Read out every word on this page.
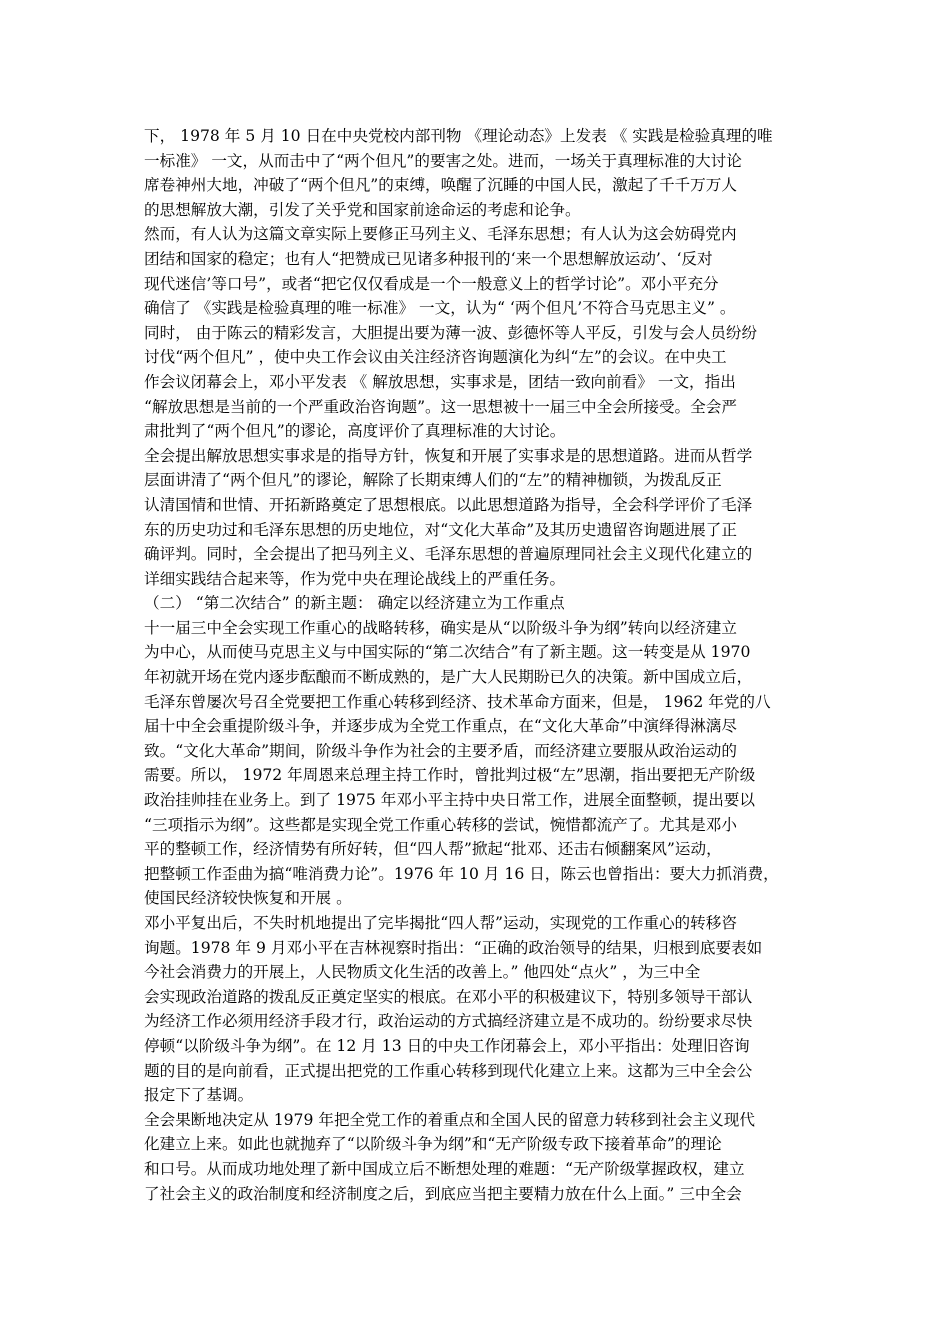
下， 1978 年 5 月 10 日在中央党校内部刊物 《理论动态》上发表 《 实践是检验真理的唯
一标准》 一文，从而击中了“两个但凡”的要害之处。进而，一场关于真理标准的大讨论
席卷神州大地，冲破了“两个但凡”的束缚，唤醒了沉睡的中国人民，激起了千千万万人
的思想解放大潮，引发了关乎党和国家前途命运的考虑和论争。
然而，有人认为这篇文章实际上要修正马列主义、毛泽东思想；有人认为这会妨碍党内
团结和国家的稳定；也有人“把赞成已见诸多种报刊的‘来一个思想解放运动’、‘反对
现代迷信’等口号”，或者“把它仅仅看成是一个一般意义上的哲学讨论”。邓小平充分
确信了 《实践是检验真理的唯一标准》 一文，认为“ ‘两个但凡’不符合马克思主义” 。
同时， 由于陈云的精彩发言，大胆提出要为薄一波、彭德怀等人平反，引发与会人员纷纷
讨伐“两个但凡” ，使中央工作会议由关注经济咨询题演化为纠“左”的会议。在中央工
作会议闭幕会上，邓小平发表 《 解放思想，实事求是，团结一致向前看》 一文，指出
“解放思想是当前的一个严重政治咨询题”。这一思想被十一届三中全会所接受。全会严
肃批判了“两个但凡”的谬论，高度评价了真理标准的大讨论。
全会提出解放思想实事求是的指导方针，恢复和开展了实事求是的思想道路。进而从哲学
层面讲清了“两个但凡”的谬论，解除了长期束缚人们的“左”的精神枷锁，为拨乱反正
认清国情和世情、开拓新路奠定了思想根底。以此思想道路为指导，全会科学评价了毛泽
东的历史功过和毛泽东思想的历史地位，对“文化大革命”及其历史遗留咨询题进展了正
确评判。同时，全会提出了把马列主义、毛泽东思想的普遍原理同社会主义现代化建立的
详细实践结合起来等，作为党中央在理论战线上的严重任务。
（二） “第二次结合” 的新主题： 确定以经济建立为工作重点
十一届三中全会实现工作重心的战略转移，确实是从“以阶级斗争为纲”转向以经济建立
为中心，从而使马克思主义与中国实际的“第二次结合”有了新主题。这一转变是从 1970
年初就开场在党内逐步酝酿而不断成熟的，是广大人民期盼已久的决策。新中国成立后，
毛泽东曾屡次号召全党要把工作重心转移到经济、技术革命方面来，但是， 1962 年党的八
届十中全会重提阶级斗争，并逐步成为全党工作重点，在“文化大革命”中演绎得淋漓尽
致。“文化大革命”期间，阶级斗争作为社会的主要矛盾，而经济建立要服从政治运动的
需要。所以， 1972 年周恩来总理主持工作时，曾批判过极“左”思潮，指出要把无产阶级
政治挂帅挂在业务上。到了 1975 年邓小平主持中央日常工作，进展全面整顿，提出要以
“三项指示为纲”。这些都是实现全党工作重心转移的尝试，惋惜都流产了。尤其是邓小
平的整顿工作，经济情势有所好转，但“四人帮”掀起“批邓、还击右倾翻案风”运动，
把整顿工作歪曲为搞“唯消费力论”。1976 年 10 月 16 日，陈云也曾指出：要大力抓消费，
使国民经济较快恢复和开展 。
邓小平复出后，不失时机地提出了完毕揭批“四人帮”运动，实现党的工作重心的转移咨
询题。1978 年 9 月邓小平在吉林视察时指出：“正确的政治领导的结果，归根到底要表如
今社会消费力的开展上，人民物质文化生活的改善上。” 他四处“点火” ，为三中全
会实现政治道路的拨乱反正奠定坚实的根底。在邓小平的积极建议下，特别多领导干部认
为经济工作必须用经济手段才行，政治运动的方式搞经济建立是不成功的。纷纷要求尽快
停顿“以阶级斗争为纲”。在 12 月 13 日的中央工作闭幕会上，邓小平指出：处理旧咨询
题的目的是向前看，正式提出把党的工作重心转移到现代化建立上来。这都为三中全会公
报定下了基调。
全会果断地决定从 1979 年把全党工作的着重点和全国人民的留意力转移到社会主义现代
化建立上来。如此也就抛弃了“以阶级斗争为纲”和“无产阶级专政下接着革命”的理论
和口号。从而成功地处理了新中国成立后不断想处理的难题：“无产阶级掌握政权，建立
了社会主义的政治制度和经济制度之后，到底应当把主要精力放在什么上面。” 三中全会
